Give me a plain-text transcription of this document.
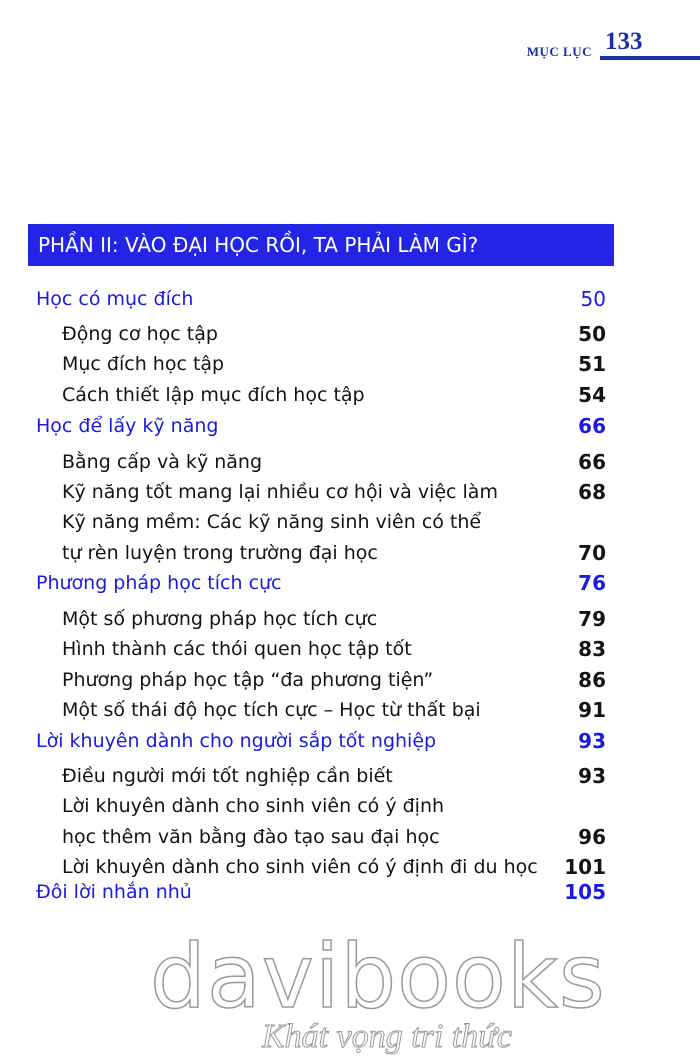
MỤC LỤC 133
PHẦN II: VÀO ĐẠI HỌC RỒI, TA PHẢI LÀM GÌ?
Học có mục đích	50
Động cơ học tập	50
Mục đích học tập	51
Cách thiết lập mục đích học tập	54
Học để lấy kỹ năng	66
Bằng cấp và kỹ năng	66
Kỹ năng tốt mang lại nhiều cơ hội và việc làm	68
Kỹ năng mềm: Các kỹ năng sinh viên có thể
tự rèn luyện trong trường đại học	70
Phương pháp học tích cực	76
Một số phương pháp học tích cực	79
Hình thành các thói quen học tập tốt	83
Phương pháp học tập “đa phương tiện”	86
Một số thái độ học tích cực – Học từ thất bại	91
Lời khuyên dành cho người sắp tốt nghiệp	93
Điều người mới tốt nghiệp cần biết	93
Lời khuyên dành cho sinh viên có ý định
học thêm văn bằng đào tạo sau đại học	96
Lời khuyên dành cho sinh viên có ý định đi du học 101
Đôi lời nhắn nhủ	105
davibooks
Khát vọng tri thức
